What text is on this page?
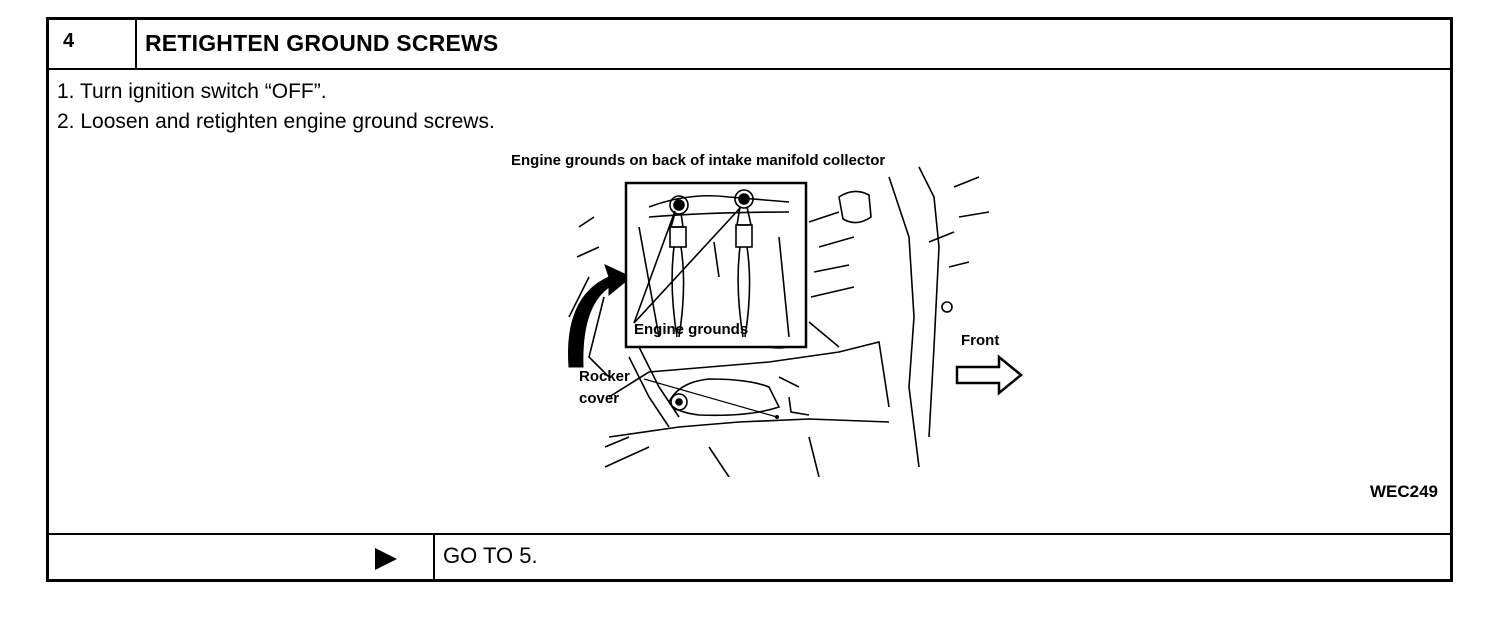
4	RETIGHTEN GROUND SCREWS
1. Turn ignition switch “OFF”.
2. Loosen and retighten engine ground screws.
Engine grounds on back of intake manifold collector
Engine grounds
Front
Rocker
cover
WEC249
GO TO 5.
